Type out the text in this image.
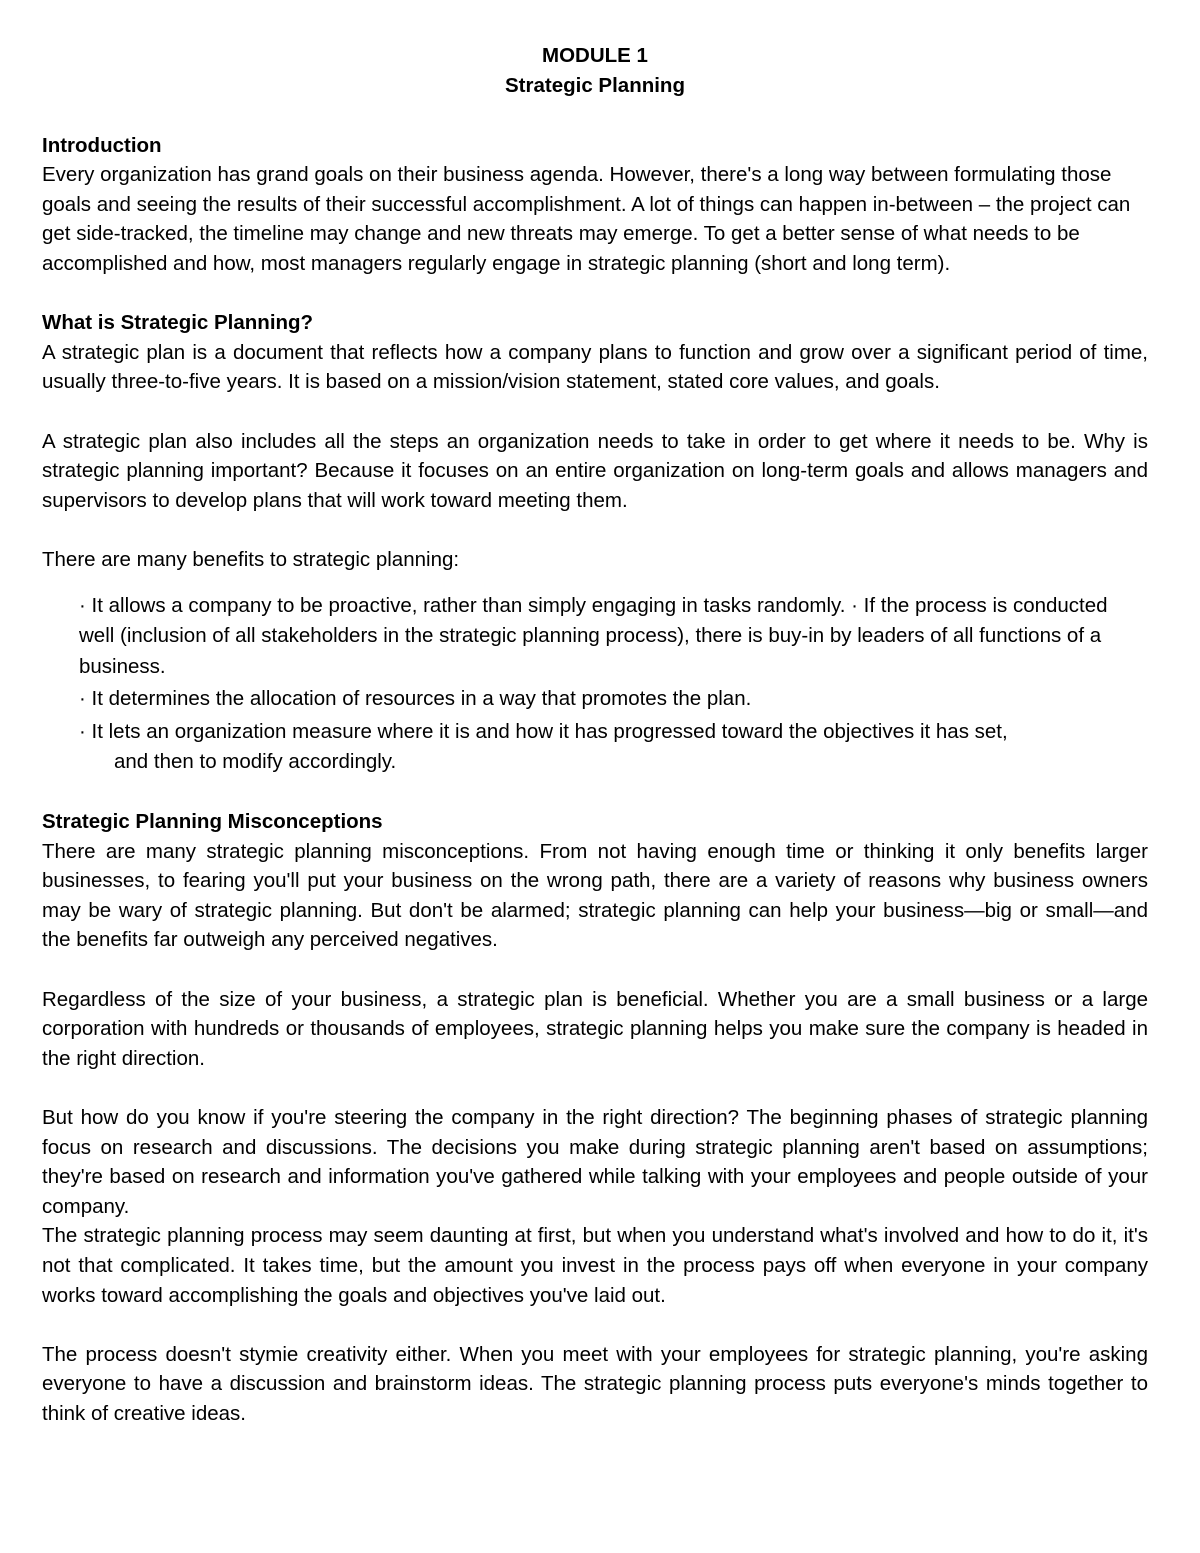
MODULE 1
Strategic Planning

Introduction

Every organization has grand goals on their business agenda. However, there's a long way between formulating those goals and seeing the results of their successful accomplishment. A lot of things can happen in-between – the project can get side-tracked, the timeline may change and new threats may emerge. To get a better sense of what needs to be accomplished and how, most managers regularly engage in strategic planning (short and long term).

What is Strategic Planning?

A strategic plan is a document that reflects how a company plans to function and grow over a significant period of time, usually three-to-five years. It is based on a mission/vision statement, stated core values, and goals.

A strategic plan also includes all the steps an organization needs to take in order to get where it needs to be. Why is strategic planning important? Because it focuses on an entire organization on long-term goals and allows managers and supervisors to develop plans that will work toward meeting them.

There are many benefits to strategic planning:

· It allows a company to be proactive, rather than simply engaging in tasks randomly. · If the process is conducted well (inclusion of all stakeholders in the strategic planning process), there is buy-in by leaders of all functions of a business.

· It determines the allocation of resources in a way that promotes the plan.

· It lets an organization measure where it is and how it has progressed toward the objectives it has set,
and then to modify accordingly.

Strategic Planning Misconceptions

There are many strategic planning misconceptions. From not having enough time or thinking it only benefits larger businesses, to fearing you'll put your business on the wrong path, there are a variety of reasons why business owners may be wary of strategic planning. But don't be alarmed; strategic planning can help your business—big or small—and the benefits far outweigh any perceived negatives.

Regardless of the size of your business, a strategic plan is beneficial. Whether you are a small business or a large corporation with hundreds or thousands of employees, strategic planning helps you make sure the company is headed in the right direction.

But how do you know if you're steering the company in the right direction? The beginning phases of strategic planning focus on research and discussions. The decisions you make during strategic planning aren't based on assumptions; they're based on research and information you've gathered while talking with your employees and people outside of your company.

The strategic planning process may seem daunting at first, but when you understand what's involved and how to do it, it's not that complicated. It takes time, but the amount you invest in the process pays off when everyone in your company works toward accomplishing the goals and objectives you've laid out.

The process doesn't stymie creativity either. When you meet with your employees for strategic planning, you're asking everyone to have a discussion and brainstorm ideas. The strategic planning process puts everyone's minds together to think of creative ideas.
